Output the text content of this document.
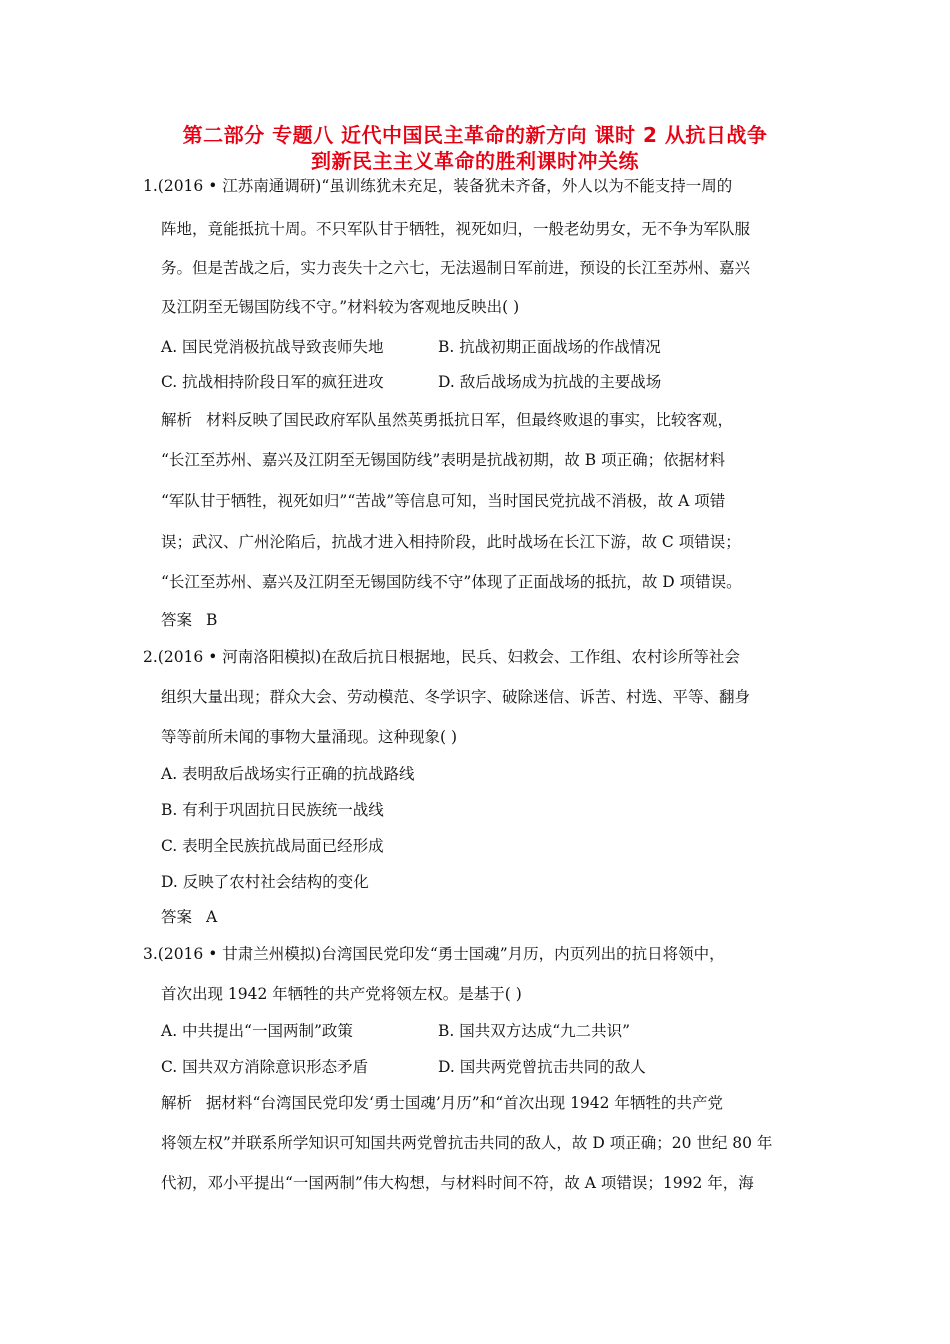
第二部分 专题八 近代中国民主革命的新方向 课时 2 从抗日战争
到新民主主义革命的胜利课时冲关练
1.(2016 • 江苏南通调研)“虽训练犹未充足，装备犹未齐备，外人以为不能支持一周的
阵地，竟能抵抗十周。不只军队甘于牺牲，视死如归，一般老幼男女，无不争为军队服
务。但是苦战之后，实力丧失十之六七，无法遏制日军前进，预设的长江至苏州、嘉兴
及江阴至无锡国防线不守。”材料较为客观地反映出( )
A. 国民党消极抗战导致丧师失地	B. 抗战初期正面战场的作战情况
C. 抗战相持阶段日军的疯狂进攻	D. 敌后战场成为抗战的主要战场
解析 材料反映了国民政府军队虽然英勇抵抗日军，但最终败退的事实，比较客观，
“长江至苏州、嘉兴及江阴至无锡国防线”表明是抗战初期，故 B 项正确；依据材料
“军队甘于牺牲，视死如归”“苦战”等信息可知，当时国民党抗战不消极，故 A 项错
误；武汉、广州沦陷后，抗战才进入相持阶段，此时战场在长江下游，故 C 项错误；
“长江至苏州、嘉兴及江阴至无锡国防线不守”体现了正面战场的抵抗，故 D 项错误。
答案 B
2.(2016 • 河南洛阳模拟)在敌后抗日根据地，民兵、妇救会、工作组、农村诊所等社会
组织大量出现；群众大会、劳动模范、冬学识字、破除迷信、诉苦、村选、平等、翻身
等等前所未闻的事物大量涌现。这种现象( )
A. 表明敌后战场实行正确的抗战路线
B. 有利于巩固抗日民族统一战线
C. 表明全民族抗战局面已经形成
D. 反映了农村社会结构的变化
答案 A
3.(2016 • 甘肃兰州模拟)台湾国民党印发“勇士国魂”月历，内页列出的抗日将领中，
首次出现 1942 年牺牲的共产党将领左权。是基于( )
A. 中共提出“一国两制”政策	B. 国共双方达成“九二共识”
C. 国共双方消除意识形态矛盾	D. 国共两党曾抗击共同的敌人
解析 据材料“台湾国民党印发‘勇士国魂’月历”和“首次出现 1942 年牺牲的共产党
将领左权”并联系所学知识可知国共两党曾抗击共同的敌人，故 D 项正确；20 世纪 80 年
代初，邓小平提出“一国两制”伟大构想，与材料时间不符，故 A 项错误；1992 年，海
